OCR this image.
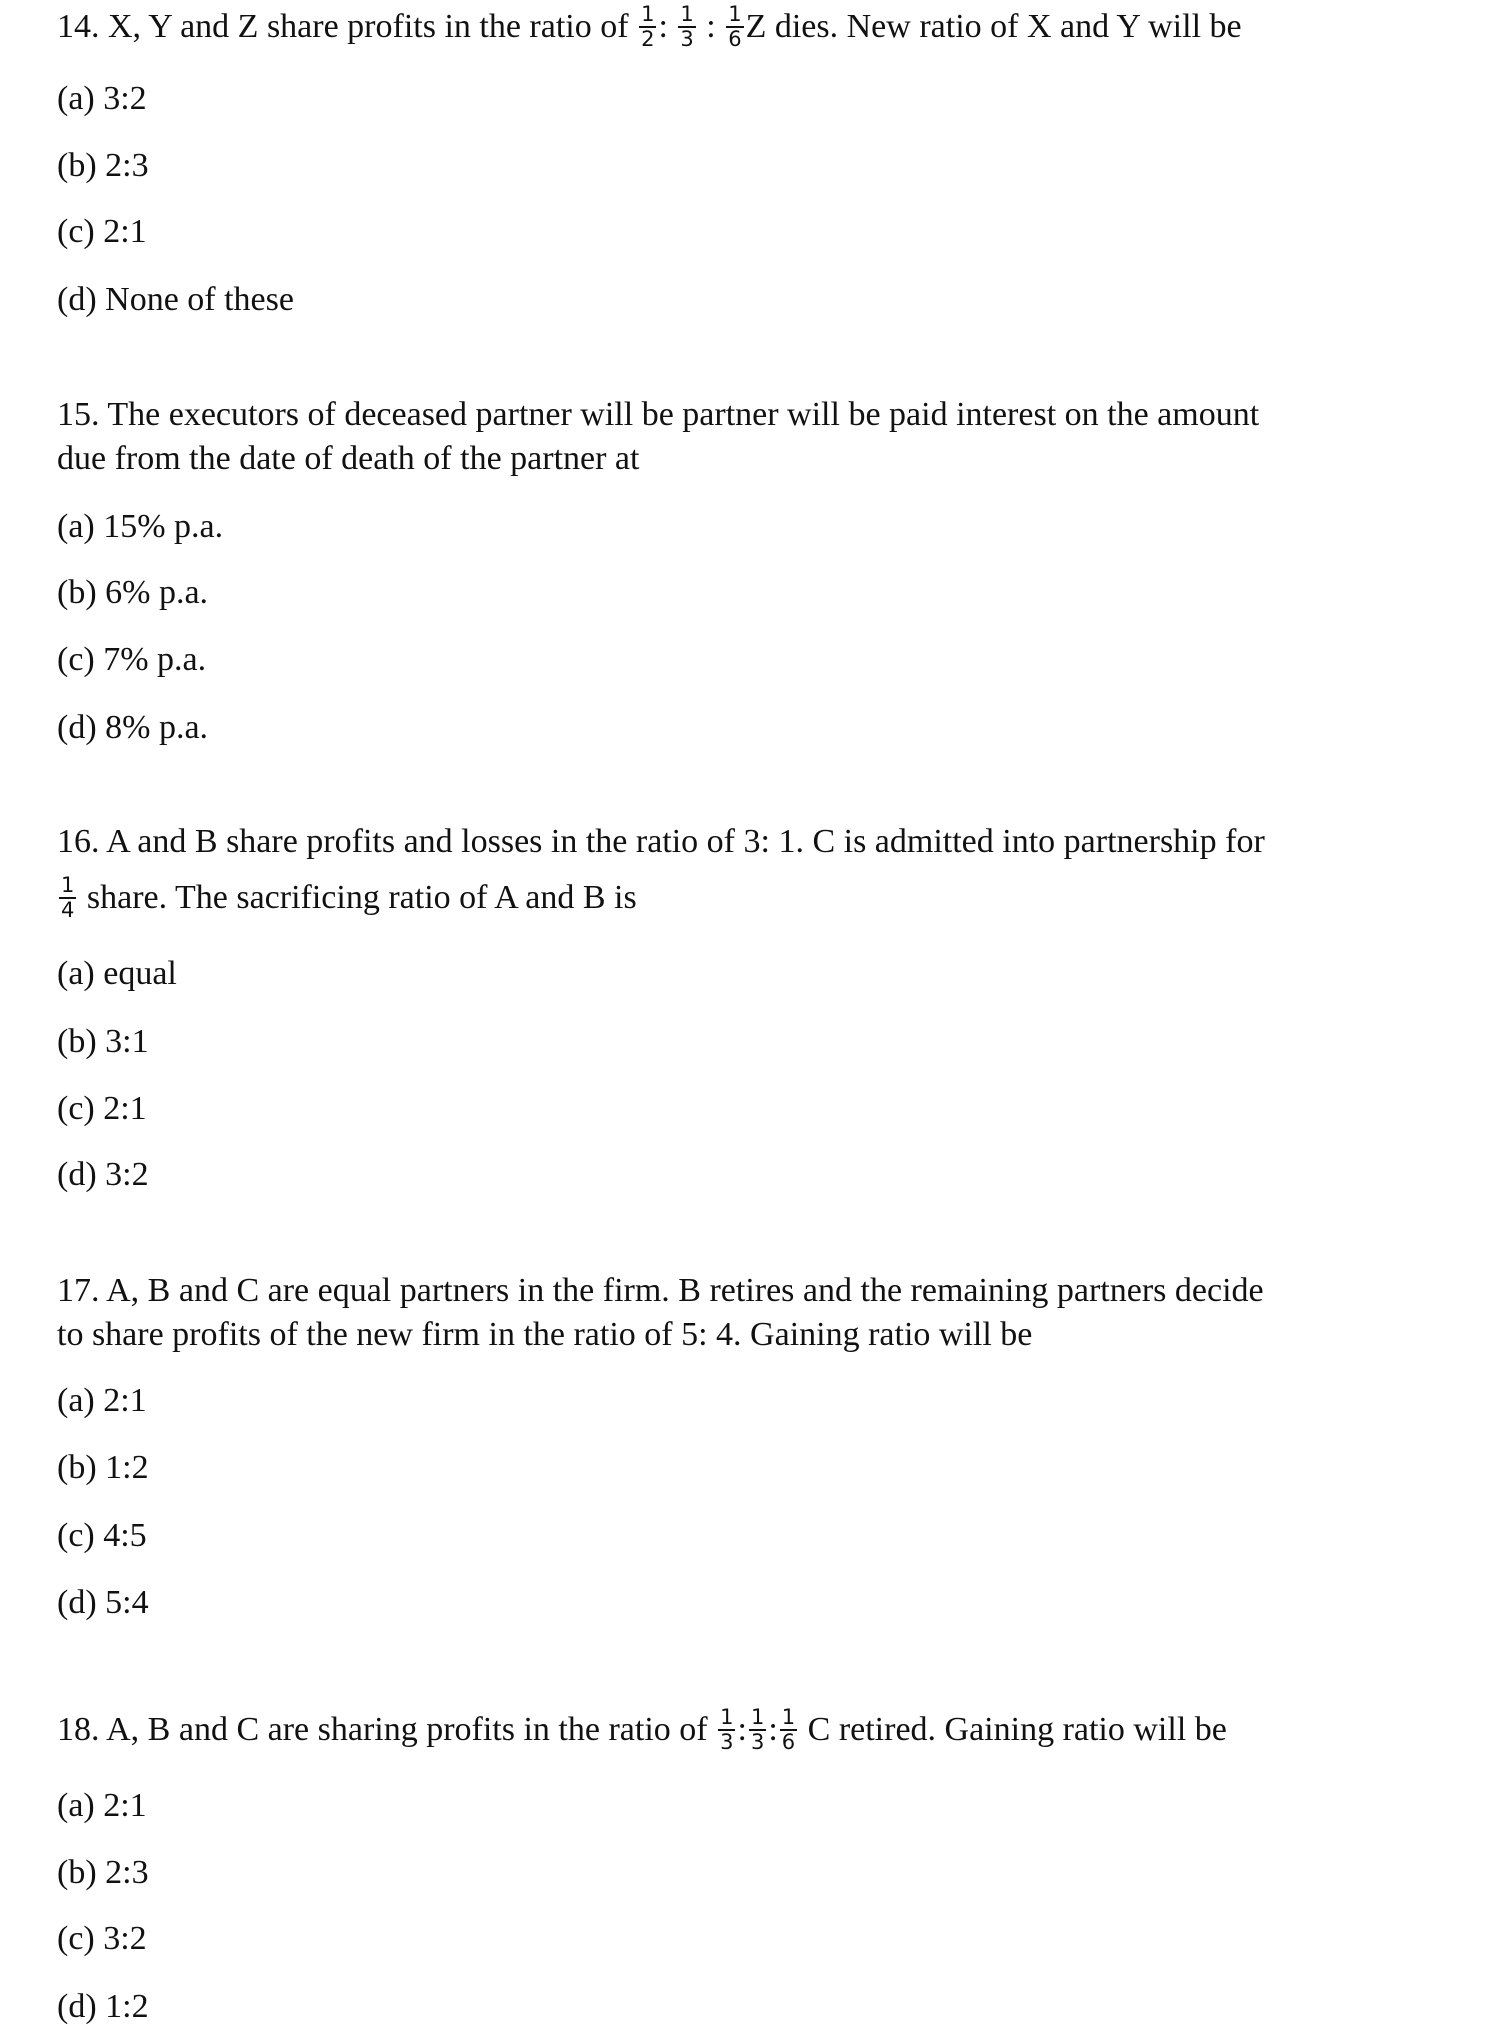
14. X, Y and Z share profits in the ratio of $\frac{1}{2}$ : $\frac{1}{3}$ : $\frac{1}{6}$ Z dies. New ratio of X and Y will be
(a) 3:2
(b) 2:3
(c) 2:1
(d) None of these
15. The executors of deceased partner will be partner will be paid interest on the amount
due from the date of death of the partner at
(a) 15% p.a.
(b) 6% p.a.
(c) 7% p.a.
(d) 8% p.a.
16. A and B share profits and losses in the ratio of 3: 1. C is admitted into partnership for
$\frac{1}{4}$ share. The sacrificing ratio of A and B is
(a) equal
(b) 3:1
(c) 2:1
(d) 3:2
17. A, B and C are equal partners in the firm. B retires and the remaining partners decide
to share profits of the new firm in the ratio of 5: 4. Gaining ratio will be
(a) 2:1
(b) 1:2
(c) 4:5
(d) 5:4
18. A, B and C are sharing profits in the ratio of $\frac{1}{3}$ : $\frac{1}{3}$ : $\frac{1}{6}$ C retired. Gaining ratio will be
(a) 2:1
(b) 2:3
(c) 3:2
(d) 1:2
